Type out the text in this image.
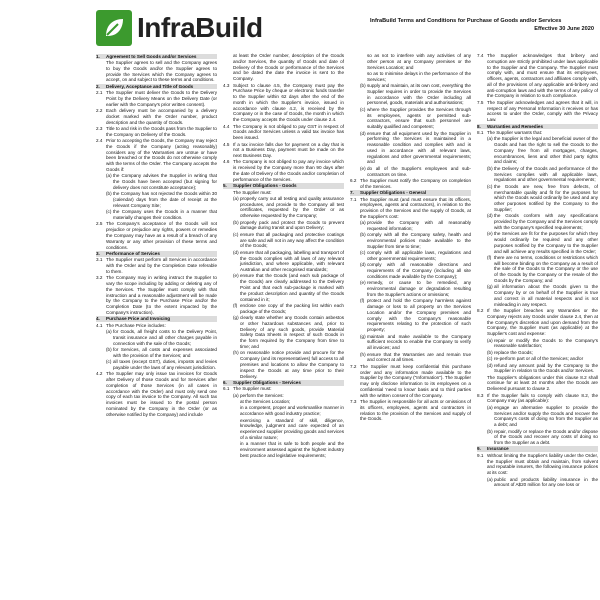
InfraBuild	InfraBuild Terms and Conditions for Purchase of Goods and/or Services
Effective 30 June 2020
1.	Agreement to Sell Goods and/or Services
The Supplier agrees to sell and the Company agrees to buy the Goods and/or the Supplier agrees to provide the Services which the Company agrees to accept, on and subject to these terms and conditions.
2.	Delivery, Acceptance and Title of Goods
2.1 The Supplier must deliver the Goods to the Delivery Point by the Delivery Means on the Delivery Date (or earlier with the Company's prior written consent).
2.2 Each delivery must be accompanied by a delivery docket marked with the Order number, product description and the quantity of Goods.
2.3 Title to and risk in the Goods pass from the Supplier to the Company on Delivery of the Goods.
2.4 Prior to accepting the Goods, the Company may reject the Goods if the Company (acting reasonably) considers any of the Warranties are untrue or have been breached or the Goods do not otherwise comply with the terms of the Order. The Company accepts the Goods if:
(a) the Company advises the Supplier in writing that the Goods have been accepted (but signing for delivery does not constitute acceptance);
(b) the Company has not rejected the Goods within 30 (calendar) days from the date of receipt at the relevant Company Site;
(c) the Company uses the Goods in a manner that materially changes their condition.
2.5 The Company's acceptance of the Goods will not prejudice or prejudice any rights, powers or remedies the Company may have as a result of a breach of any Warranty or any other provision of these terms and conditions.
3.	Performance of Services
3.1 The Supplier must perform all Services in accordance with the Order and by the Completion Date referable to them.
3.2 The Company may in writing instruct the Supplier to vary the scope including by adding or deleting any of the Services. The Supplier must comply with that instruction and a reasonable adjustment will be made by the Company to the Purchase Price and/or the Completion Date (to the extent impacted by the Company's instruction).
4.	Purchase Price and Invoicing
4.1 The Purchase Price includes:
(a) for Goods, all freight costs to the Delivery Point, transit insurance and all other charges payable in connection with the sale of the Goods;
(b) for Services, all costs and expenses associated with the provision of the Services; and
(c) all taxes (except GST), duties, imposts and levies payable under the laws of any relevant jurisdiction.
4.2 The Supplier may only issue tax invoices for Goods after Delivery of those Goods and for Services after completion of those Services (in all cases in accordance with the Order) and must only send one copy of each tax invoice to the Company. All such tax invoices must be issued to the postal person nominated by the Company in the Order (or as otherwise notified by the Company) and include
at least the Order number, description of the Goods and/or Services, the quantity of Goods and date of Delivery of the Goods or performance of the Services and be dated the date the invoice is sent to the Company.
4.3 Subject to clause 4.5, the Company must pay the Purchase Price by cheque or electronic funds transfer to the Supplier within 62 days after the end of the month in which the Supplier's invoice, issued in accordance with clause 4.2, is received by the Company or in the case of Goods, the month in which the Company accepts the Goods under clause 2.4.
4.4 The Company is not obliged to pay GST in respect of Goods and/or Services unless a valid tax invoice has been issued.
4.5 If a tax invoice falls due for payment on a day that is not a Business Day, payment must be made on the next Business Day.
4.6 The Company is not obliged to pay any invoice which is received by the Company more than 90 days after the date of Delivery of the Goods and/or completion of performance of the Services.
5.	Supplier Obligations - Goods
The Supplier must:
(a) properly carry out all testing and quality assurance procedures, and provide to the Company all test certificates, requested by the Order or as otherwise requested by the Company;
(b) properly pack and protect the Goods to prevent damage during transit and upon Delivery;
(c) ensure that all packaging and protective coatings are safe and will not in any way affect the condition of the Goods;
(d) ensure that all packaging, labelling and transport of the Goods complies with all laws of any relevant jurisdiction, and where applicable, with relevant Australian and other recognised standards;
(e) ensure that the Goods (and each sub package of the Goods) are clearly addressed to the Delivery Point and that each sub-package is marked with the product description and quantity of the Goods contained in it;
(f) enclose one copy of the packing list within each package of the Goods;
(g) clearly state whether any Goods contain asbestos or other hazardous substances and, prior to Delivery of any such goods, provide Material Safety Data Sheets in respect of such Goods in the form required by the Company from time to time; and
(h) on reasonable notice provide and procure for the Company (and its representatives) full access to all premises and locations to allow the Company to inspect the Goods at any time prior to their Delivery.
6.	Supplier Obligations - Services
6.1 The Supplier must:
(a) perform the Services:
at the Services Location;
in a competent, proper and workmanlike manner in accordance with good industry practice;
exercising a standard of skill, diligence, knowledge, judgment and care expected of an experienced supplier providing goods and services of a similar nature;
in a manner that is safe to both people and the environment assessed against the highest industry best practice and legislative requirements;
so as not to interfere with any activities of any other person at any Company premises or the Services Location; and
so as to minimise delays in the performance of the Services;
(b) supply and maintain, at its own cost, everything the Supplier requires in order to provide the Services in accordance with the Order including all personnel, goods, materials and authorisations;
(c) where the Supplier provides the Services through its employees, agents or permitted sub-contractors, ensure that such personnel are suitably qualified and competent;
(d) ensure that all equipment used by the Supplier in performing the Services is maintained in a reasonable condition and complies with and is used in accordance with all relevant laws, regulations and other governmental requirements; and
(e) do all of the Supplier's employees and sub-contractors on time.
6.2 The Supplier must notify the Company on completion of the Services.
7.	Supplier Obligations - General
7.1 The Supplier must (and must ensure that its officers, employees, agents and contractors), in relation to the provision of the Services and the supply of Goods, at the Supplier's cost:
(a) provide the Company with all reasonably requested information;
(b) comply with all the Company safety, health and environmental policies made available to the Supplier from time to time;
(c) comply with all applicable laws, regulations and other governmental requirements;
(d) comply with all reasonable directions and requirements of the Company (including all site conditions made available by the Company);
(e) remedy, or cause to be remedied, any environmental damage or degradation resulting from the Supplier's actions or omissions;
(f) protect and hold the Company harmless against damage or loss to all property on the Services Location and/or the Company premises and comply with the Company's reasonable requirements relating to the protection of such property;
(g) maintain and make available to the Company sufficient records to enable the Company to verify all invoices; and
(h) ensure that the Warranties are and remain true and correct at all times.
7.2 The Supplier must keep confidential this purchase order and any information made available to the Supplier by the Company ("Information"). The Supplier may only disclose information to its employees on a confidential 'need to know' basis and to third parties with the written consent of the Company.
7.3 The Supplier is responsible for all acts or omissions of its officers, employees, agents and contractors in relation to the provision of the Services and supply of the Goods.
7.4 The Supplier acknowledges that bribery and corruption are strictly prohibited under laws applicable to the Supplier and the Company. The Supplier must comply with, and must ensure that its employees, officers, agents, contractors and affiliates comply with, all of the provisions of any applicable anti-bribery and anti-corruption laws and with the terms of any policy of the Company in relation to such compliance.
7.5 The Supplier acknowledges and agrees that it will, in respect of any Personal Information it receives or has access to under the Order, comply with the Privacy Law.
8.	Warranties and Remedies
8.1 The Supplier warrants that:
(a) the Supplier is the legal and beneficial owner of the Goods and has the right to sell the Goods to the Company free from all mortgages, charges, encumbrances, liens and other third party rights and claims;
(b) the Delivery of the Goods and performance of the Services complies with all applicable laws, regulations and other governmental requirements;
(c) the Goods are new, free from defects, of merchantable quality and fit for the purposes for which the Goods would ordinarily be used and any other purposes notified by the Company to the Supplier;
(d) the Goods conform with any specifications provided by the Company and the Services comply with the Company's specified requirements;
(e) the Services are fit for the purposes for which they would ordinarily be required and any other purposes notified by the Company to the Supplier and will achieve any results specified in the Order;
(f) there are no terms, conditions or restrictions which will become binding on the Company as a result of the sale of the Goods to the Company or the use of the Goods by the Company or the resale of the Goods by the Company; and
(g) all information about the Goods given to the Company by or on behalf of the Supplier is true and correct in all material respects and is not misleading in any respect.
8.2 If the Supplier breaches any Warranties or the Company rejects any Goods under clause 2.4, then at the Company's discretion and upon demand from the Company, the Supplier must (as applicable) at the Supplier's cost and expense:
(a) repair or modify the Goods to the Company's reasonable satisfaction;
(b) replace the Goods;
(c) re-perform part or all of the Services; and/or
(d) refund any amount paid by the Company to the Supplier in relation to the Goods and/or Services.
The Supplier's obligations under this clause 8.2 shall continue for at least 24 months after the Goods are Delivered pursuant to clause 2.
8.3 If the Supplier fails to comply with clause 8.2, the Company may (as applicable):
(a) engage an alternative supplier to provide the Services and/or supply the Goods and recover the Company's costs of doing so from the Supplier as a debt; and
(b) repair, modify or replace the Goods and/or dispose of the Goods and recover any costs of doing so from the Supplier as a debt.
9.	Insurance
9.1 Without limiting the Supplier's liability under the Order, the Supplier must obtain and maintain, from solvent and reputable insurers, the following insurance polices at its cost:
(a) public and products liability insurance in the amount of A$20 million for any one loss or
